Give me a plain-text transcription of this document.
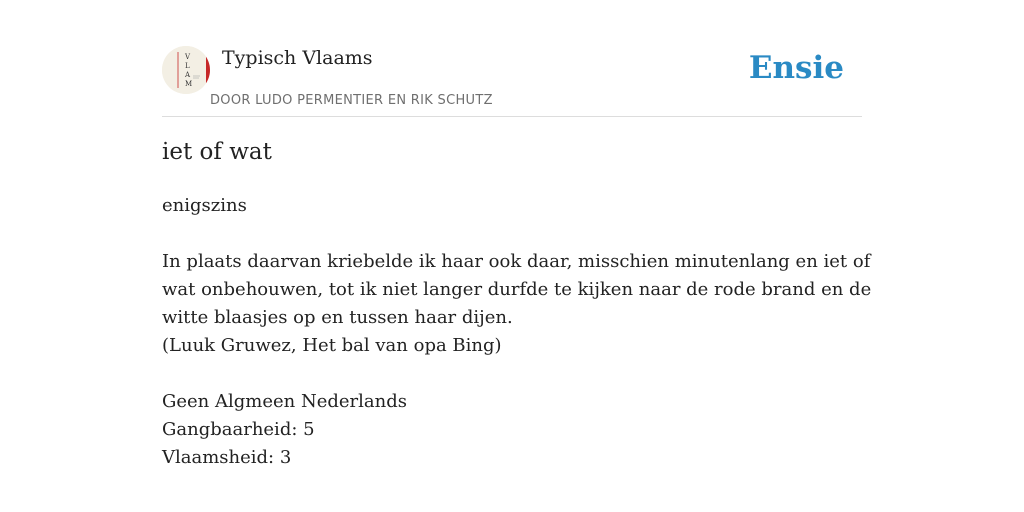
V
L
A
M
Typisch Vlaams
DOOR LUDO PERMENTIER EN RIK SCHUTZ
Ensie
iet of wat

enigszins

In plaats daarvan kriebelde ik haar ook daar, misschien minutenlang en iet of wat onbehouwen, tot ik niet langer durfde te kijken naar de rode brand en de witte blaasjes op en tussen haar dijen.

(Luuk Gruwez, Het bal van opa Bing)

Geen Algmeen Nederlands

Gangbaarheid: 5

Vlaamsheid: 3
